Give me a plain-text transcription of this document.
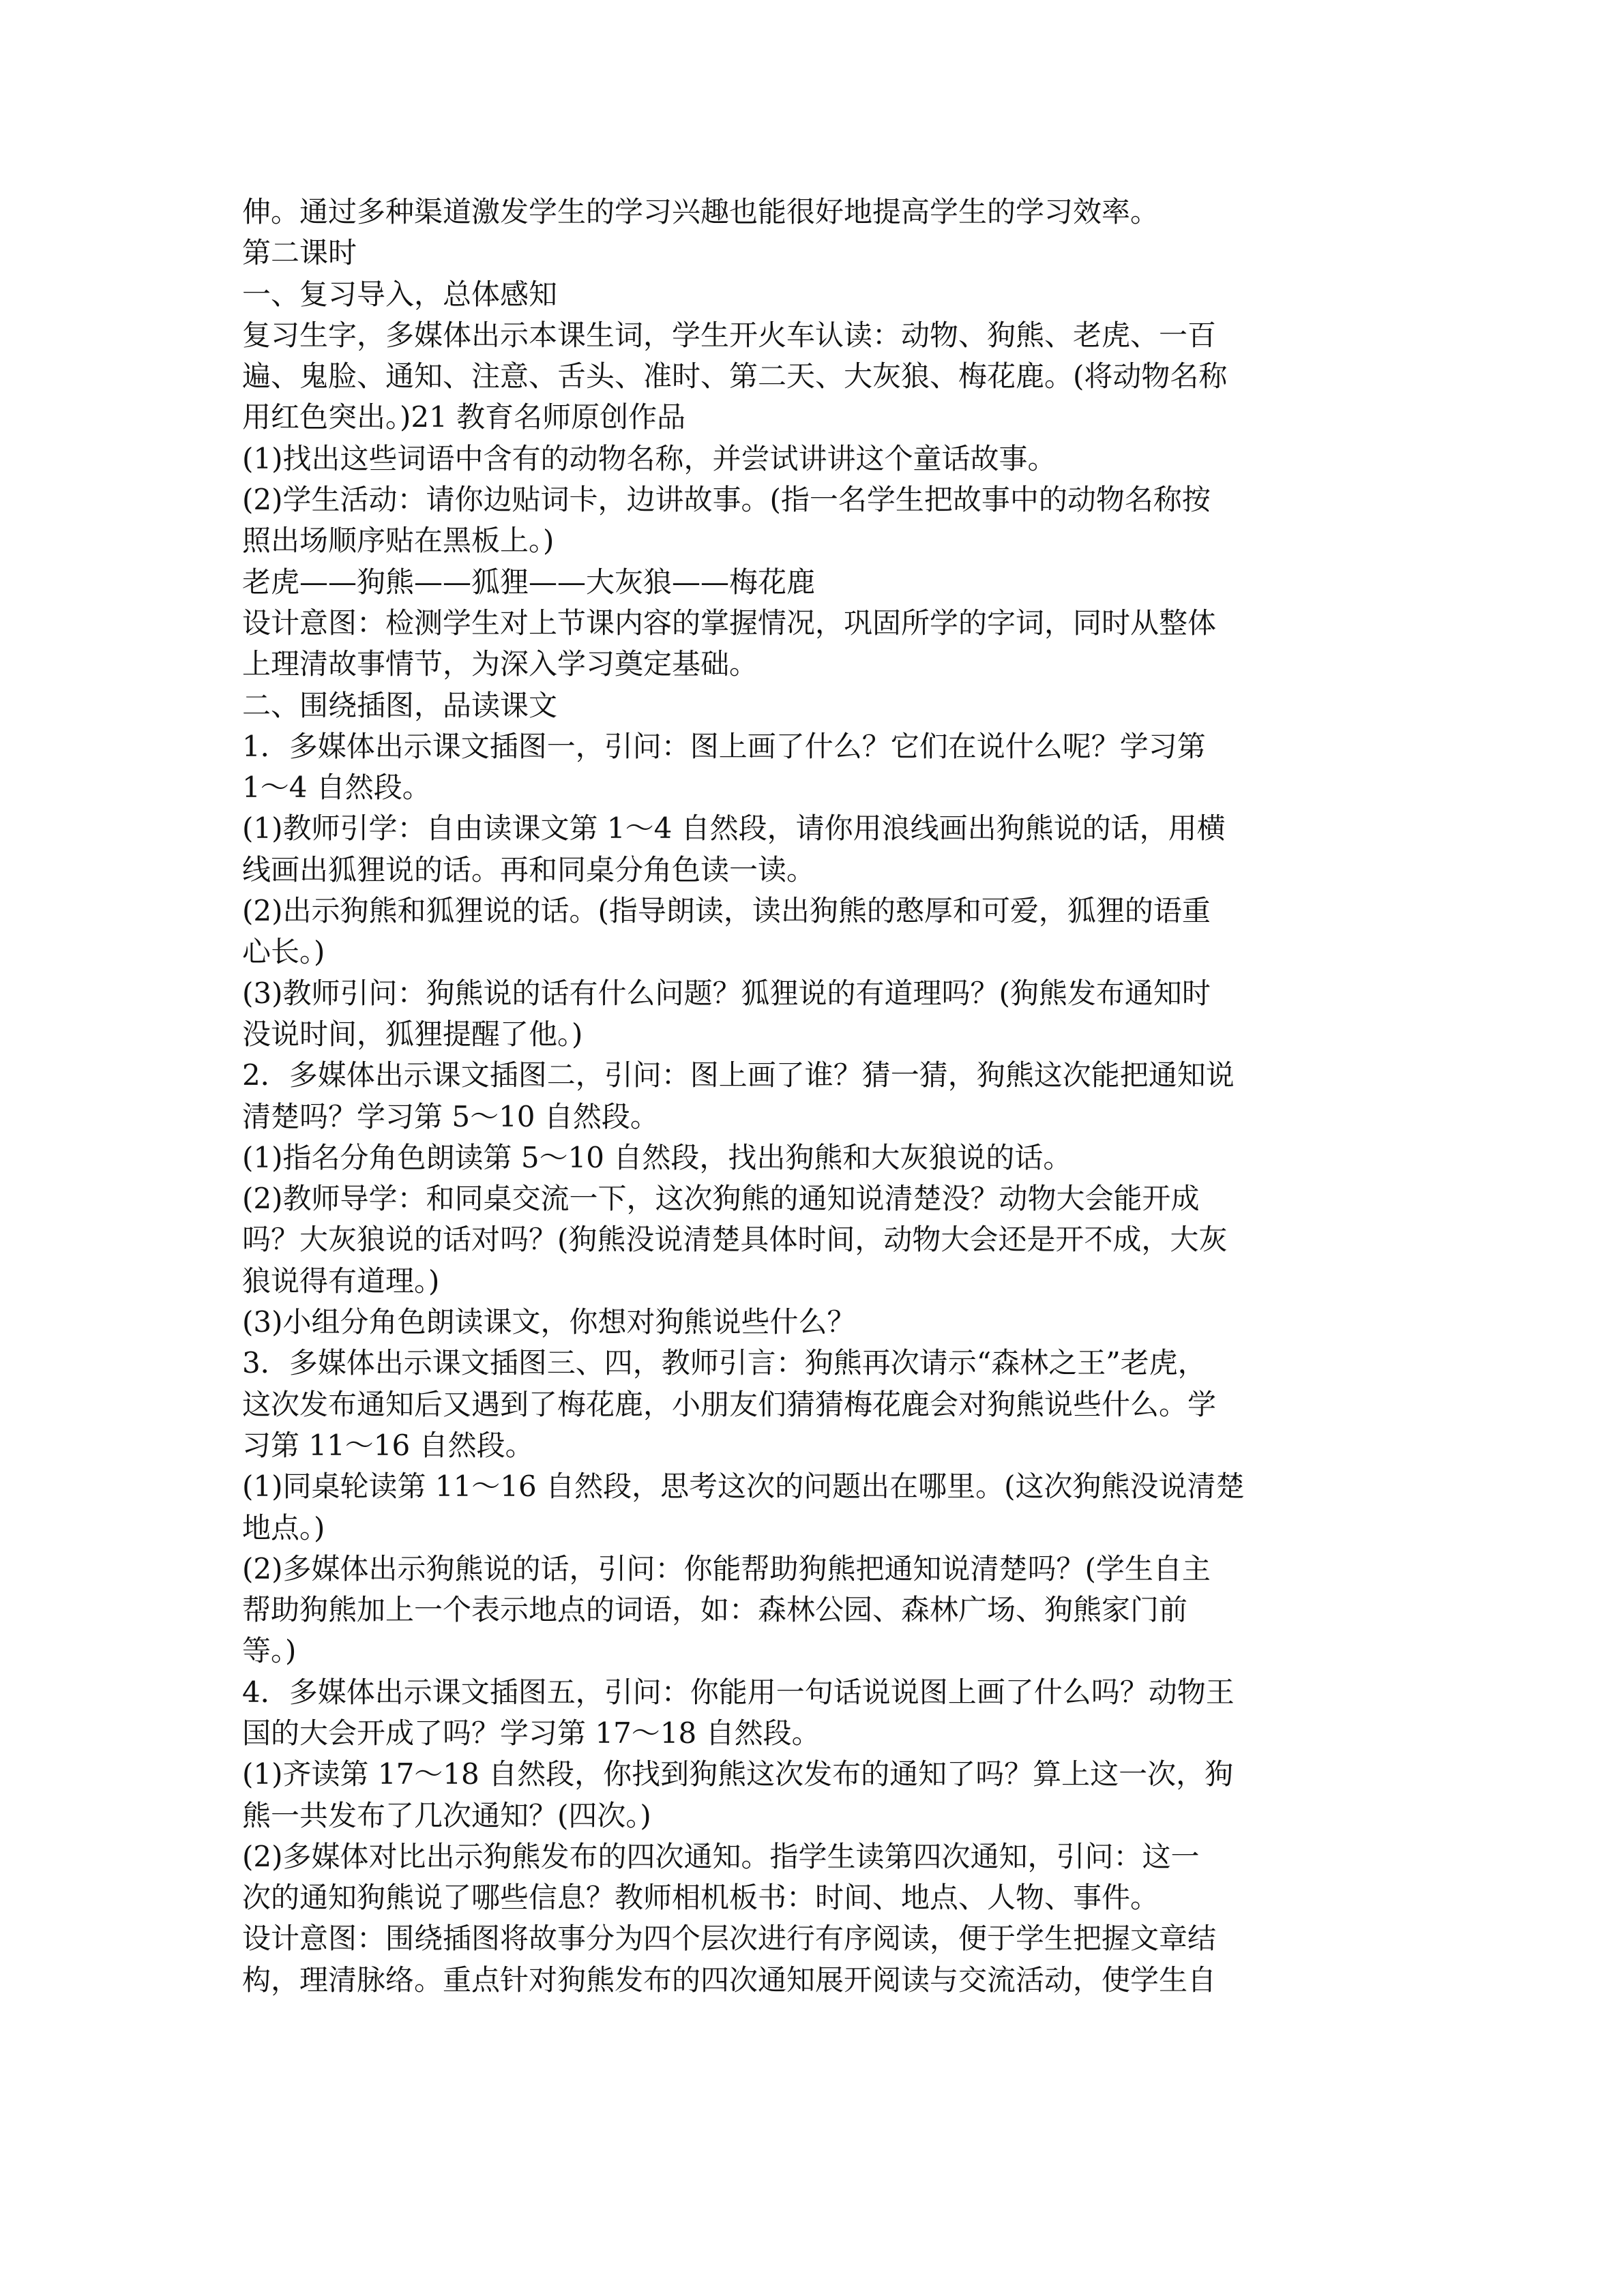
伸。通过多种渠道激发学生的学习兴趣也能很好地提高学生的学习效率。
第二课时
一、复习导入，总体感知
复习生字，多媒体出示本课生词，学生开火车认读：动物、狗熊、老虎、一百
遍、鬼脸、通知、注意、舌头、准时、第二天、大灰狼、梅花鹿。(将动物名称
用红色突出。)21 教育名师原创作品
(1)找出这些词语中含有的动物名称，并尝试讲讲这个童话故事。
(2)学生活动：请你边贴词卡，边讲故事。(指一名学生把故事中的动物名称按
照出场顺序贴在黑板上。)
老虎——狗熊——狐狸——大灰狼——梅花鹿
设计意图：检测学生对上节课内容的掌握情况，巩固所学的字词，同时从整体
上理清故事情节，为深入学习奠定基础。
二、围绕插图，品读课文
1．多媒体出示课文插图一，引问：图上画了什么？它们在说什么呢？学习第
1～4 自然段。
(1)教师引学：自由读课文第 1～4 自然段，请你用浪线画出狗熊说的话，用横
线画出狐狸说的话。再和同桌分角色读一读。
(2)出示狗熊和狐狸说的话。(指导朗读，读出狗熊的憨厚和可爱，狐狸的语重
心长。)
(3)教师引问：狗熊说的话有什么问题？狐狸说的有道理吗？(狗熊发布通知时
没说时间，狐狸提醒了他。)
2．多媒体出示课文插图二，引问：图上画了谁？猜一猜，狗熊这次能把通知说
清楚吗？学习第 5～10 自然段。
(1)指名分角色朗读第 5～10 自然段，找出狗熊和大灰狼说的话。
(2)教师导学：和同桌交流一下，这次狗熊的通知说清楚没？动物大会能开成
吗？大灰狼说的话对吗？(狗熊没说清楚具体时间，动物大会还是开不成，大灰
狼说得有道理。)
(3)小组分角色朗读课文，你想对狗熊说些什么？
3．多媒体出示课文插图三、四，教师引言：狗熊再次请示“森林之王”老虎，
这次发布通知后又遇到了梅花鹿，小朋友们猜猜梅花鹿会对狗熊说些什么。学
习第 11～16 自然段。
(1)同桌轮读第 11～16 自然段，思考这次的问题出在哪里。(这次狗熊没说清楚
地点。)
(2)多媒体出示狗熊说的话，引问：你能帮助狗熊把通知说清楚吗？(学生自主
帮助狗熊加上一个表示地点的词语，如：森林公园、森林广场、狗熊家门前
等。)
4．多媒体出示课文插图五，引问：你能用一句话说说图上画了什么吗？动物王
国的大会开成了吗？学习第 17～18 自然段。
(1)齐读第 17～18 自然段，你找到狗熊这次发布的通知了吗？算上这一次，狗
熊一共发布了几次通知？(四次。)
(2)多媒体对比出示狗熊发布的四次通知。指学生读第四次通知，引问：这一
次的通知狗熊说了哪些信息？教师相机板书：时间、地点、人物、事件。
设计意图：围绕插图将故事分为四个层次进行有序阅读，便于学生把握文章结
构，理清脉络。重点针对狗熊发布的四次通知展开阅读与交流活动，使学生自
